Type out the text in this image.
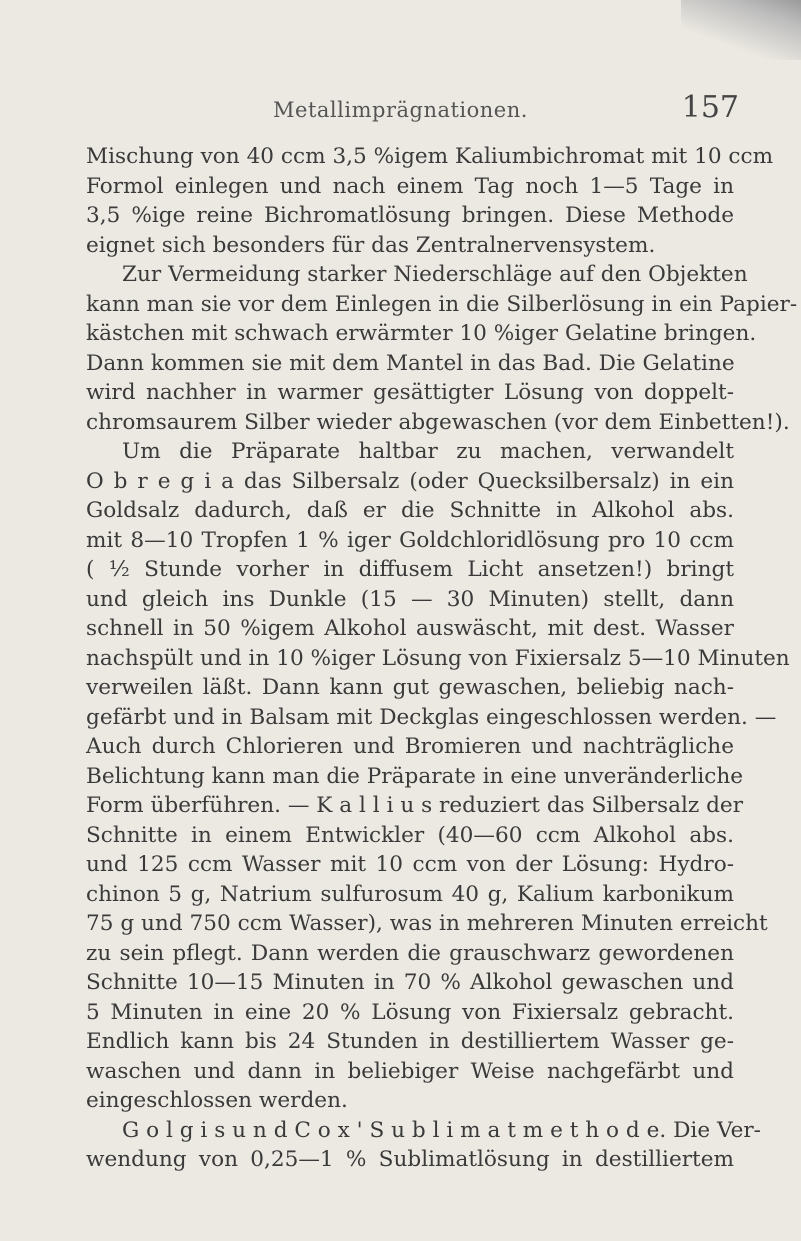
Metallimprägnationen.	157
Mischung von 40 ccm 3,5 %igem Kaliumbichromat mit 10 ccm
Formol einlegen und nach einem Tag noch 1—5 Tage in
3,5 %ige reine Bichromatlösung bringen. Diese Methode
eignet sich besonders für das Zentralnervensystem.
Zur Vermeidung starker Niederschläge auf den Objekten
kann man sie vor dem Einlegen in die Silberlösung in ein Papier-
kästchen mit schwach erwärmter 10 %iger Gelatine bringen.
Dann kommen sie mit dem Mantel in das Bad. Die Gelatine
wird nachher in warmer gesättigter Lösung von doppelt-
chromsaurem Silber wieder abgewaschen (vor dem Einbetten!).
Um die Präparate haltbar zu machen, verwandelt
O b r e g i a das Silbersalz (oder Quecksilbersalz) in ein
Goldsalz dadurch, daß er die Schnitte in Alkohol abs.
mit 8—10 Tropfen 1 % iger Goldchloridlösung pro 10 ccm
( ½ Stunde vorher in diffusem Licht ansetzen!) bringt
und gleich ins Dunkle (15 — 30 Minuten) stellt, dann
schnell in 50 %igem Alkohol auswäscht, mit dest. Wasser
nachspült und in 10 %iger Lösung von Fixiersalz 5—10 Minuten
verweilen läßt. Dann kann gut gewaschen, beliebig nach-
gefärbt und in Balsam mit Deckglas eingeschlossen werden. —
Auch durch Chlorieren und Bromieren und nachträgliche
Belichtung kann man die Präparate in eine unveränderliche
Form überführen. — K a l l i u s reduziert das Silbersalz der
Schnitte in einem Entwickler (40—60 ccm Alkohol abs.
und 125 ccm Wasser mit 10 ccm von der Lösung: Hydro-
chinon 5 g, Natrium sulfurosum 40 g, Kalium karbonikum
75 g und 750 ccm Wasser), was in mehreren Minuten erreicht
zu sein pflegt. Dann werden die grauschwarz gewordenen
Schnitte 10—15 Minuten in 70 % Alkohol gewaschen und
5 Minuten in eine 20 % Lösung von Fixiersalz gebracht.
Endlich kann bis 24 Stunden in destilliertem Wasser ge-
waschen und dann in beliebiger Weise nachgefärbt und
eingeschlossen werden.
G o l g i s u n d C o x ' S u b l i m a t m e t h o d e. Die Ver-
wendung von 0,25—1 % Sublimatlösung in destilliertem
